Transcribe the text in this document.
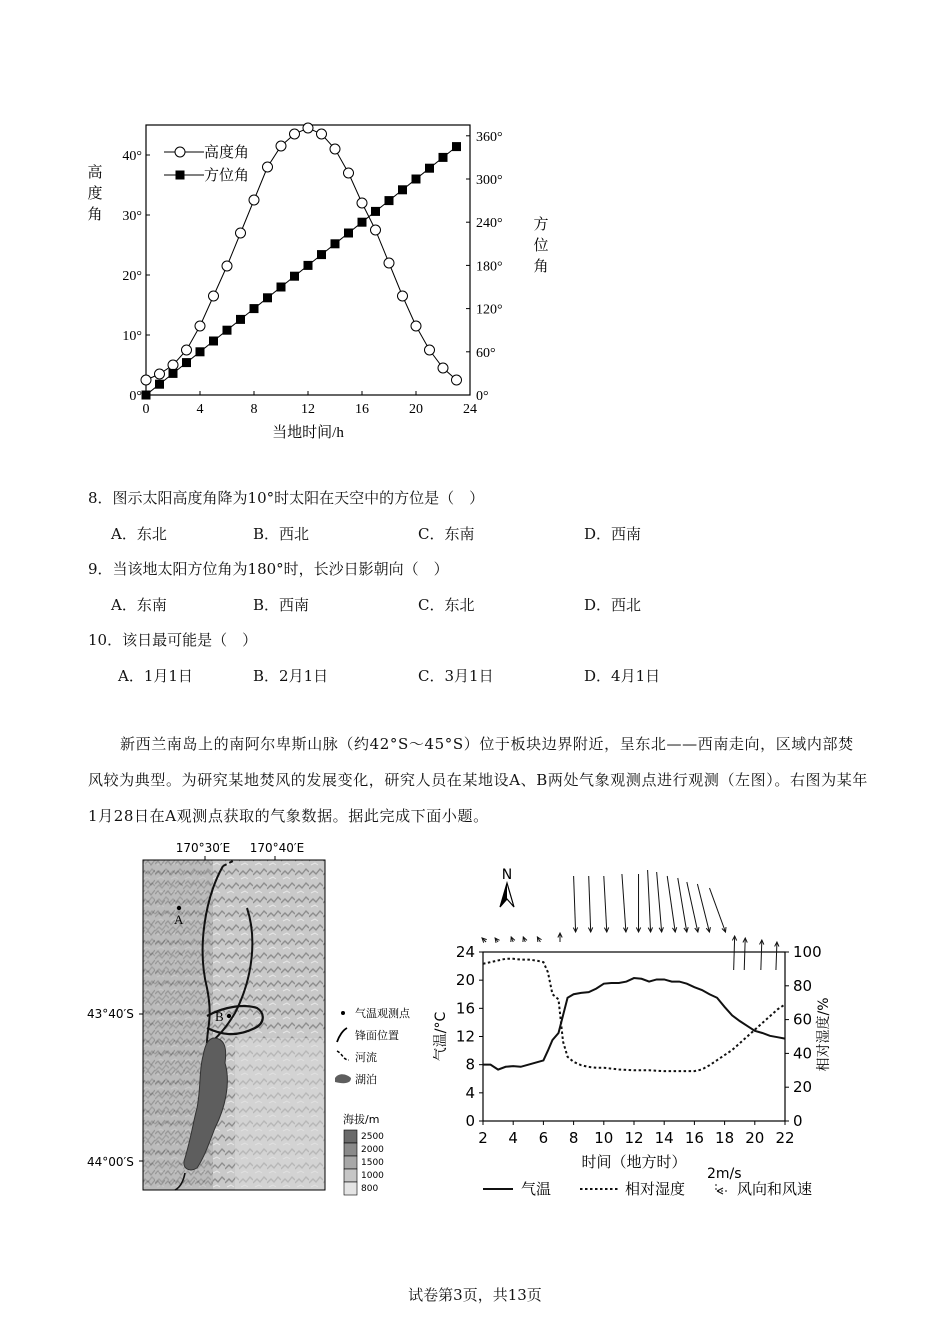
0	4	8	12	16	20	24
0°
10°
20°
30°
40°
0°
60°
120°
180°
240°
300°
360°
高
度
角
方
位
角
当地时间/h
高度角
方位角
8．图示太阳高度角降为10°时太阳在天空中的方位是（　）
A．东北	B．西北	C．东南	D．西南
9．当该地太阳方位角为180°时，长沙日影朝向（　）
A．东南	B．西南	C．东北	D．西北
10．该日最可能是（　）
A．1月1日	B．2月1日	C．3月1日	D．4月1日

新西兰南岛上的南阿尔卑斯山脉（约42°S～45°S）位于板块边界附近，呈东北——西南走向，区域内部焚风较为典型。为研究某地焚风的发展变化，研究人员在某地设A、B两处气象观测点进行观测（左图）。右图为某年1月28日在A观测点获取的气象数据。据此完成下面小题。

170°30′E 170°40′E
43°40′S
44°00′S
A
B	气温观测点
锋面位置
河流
湖泊
海拔/m
2500
2000
1500
1000
800
2 4 6 8 10 12 14 16 18 20 22
0
4
8
12
16
20
24
0
20
40
60
80
100
气温/°C	相对湿度/%
时间（地方时）
N
气温	相对湿度
2m/s
风向和风速
试卷第3页，共13页
